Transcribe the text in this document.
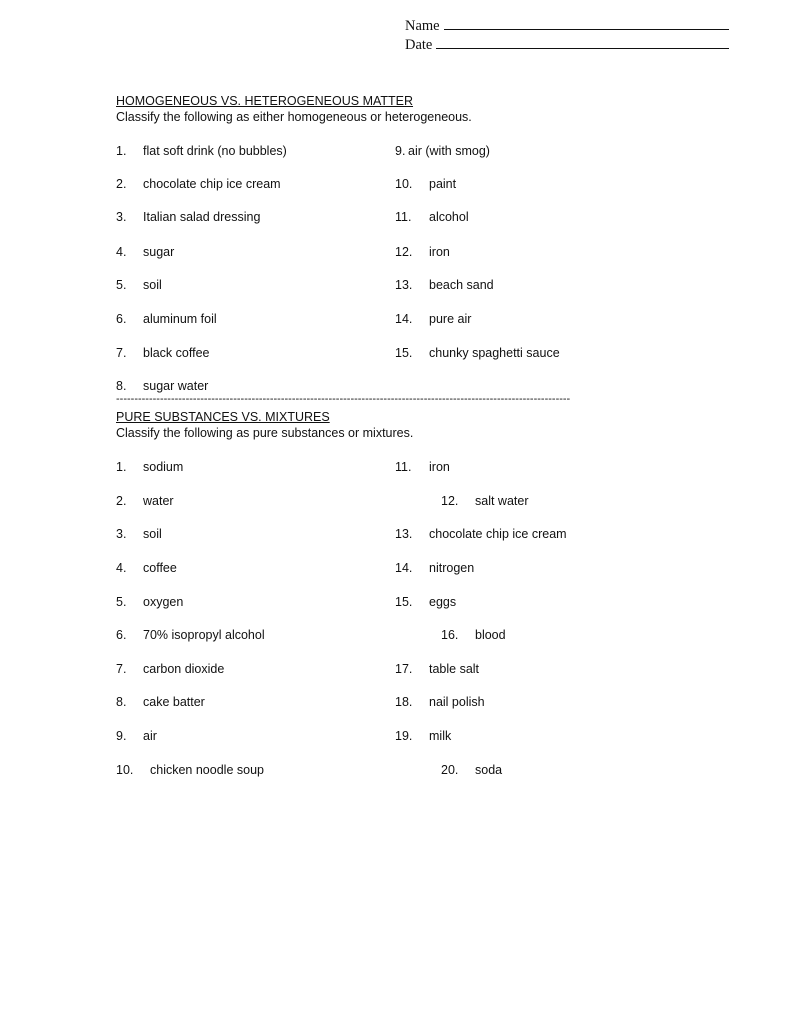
Name
Date
HOMOGENEOUS VS. HETEROGENEOUS MATTER
Classify the following as either homogeneous or heterogeneous.
1. flat soft drink (no bubbles)
2. chocolate chip ice cream
3. Italian salad dressing
4. sugar
5. soil
6. aluminum foil
7. black coffee
8. sugar water
9. air (with smog)
10. paint
11. alcohol
12. iron
13. beach sand
14. pure air
15. chunky spaghetti sauce
----------------------------------------------------------------------------------------------------------------------------
PURE SUBSTANCES VS. MIXTURES
Classify the following as pure substances or mixtures.
1. sodium
2. water
3. soil
4. coffee
5. oxygen
6. 70% isopropyl alcohol
7. carbon dioxide
8. cake batter
9. air
10. chicken noodle soup
11. iron
12. salt water
13. chocolate chip ice cream
14. nitrogen
15. eggs
16. blood
17. table salt
18. nail polish
19. milk
20. soda
